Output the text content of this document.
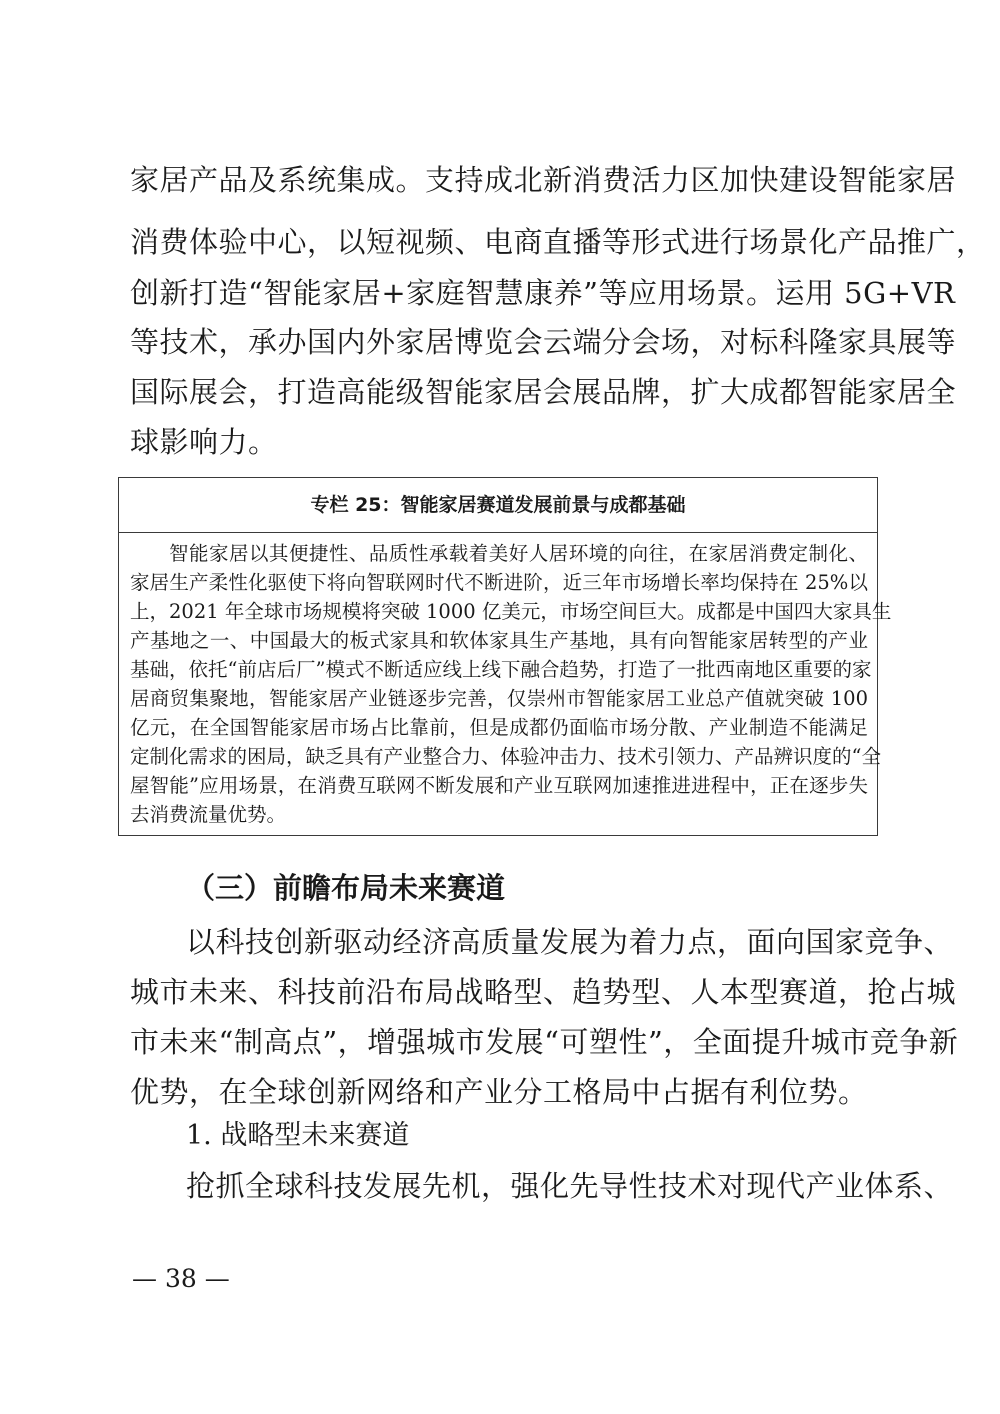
家居产品及系统集成。支持成北新消费活力区加快建设智能家居
消费体验中心，以短视频、电商直播等形式进行场景化产品推广，
创新打造“智能家居+家庭智慧康养”等应用场景。运用 5G+VR
等技术，承办国内外家居博览会云端分会场，对标科隆家具展等
国际展会，打造高能级智能家居会展品牌，扩大成都智能家居全
球影响力。
专栏 25：智能家居赛道发展前景与成都基础
智能家居以其便捷性、品质性承载着美好人居环境的向往，在家居消费定制化、
家居生产柔性化驱使下将向智联网时代不断进阶，近三年市场增长率均保持在 25%以
上，2021 年全球市场规模将突破 1000 亿美元，市场空间巨大。成都是中国四大家具生
产基地之一、中国最大的板式家具和软体家具生产基地，具有向智能家居转型的产业
基础，依托“前店后厂”模式不断适应线上线下融合趋势，打造了一批西南地区重要的家
居商贸集聚地，智能家居产业链逐步完善，仅崇州市智能家居工业总产值就突破 100
亿元，在全国智能家居市场占比靠前，但是成都仍面临市场分散、产业制造不能满足
定制化需求的困局，缺乏具有产业整合力、体验冲击力、技术引领力、产品辨识度的“全
屋智能”应用场景，在消费互联网不断发展和产业互联网加速推进进程中，正在逐步失
去消费流量优势。
（三）前瞻布局未来赛道
以科技创新驱动经济高质量发展为着力点，面向国家竞争、
城市未来、科技前沿布局战略型、趋势型、人本型赛道，抢占城
市未来“制高点”，增强城市发展“可塑性”，全面提升城市竞争新
优势，在全球创新网络和产业分工格局中占据有利位势。
1. 战略型未来赛道
抢抓全球科技发展先机，强化先导性技术对现代产业体系、
— 38 —
